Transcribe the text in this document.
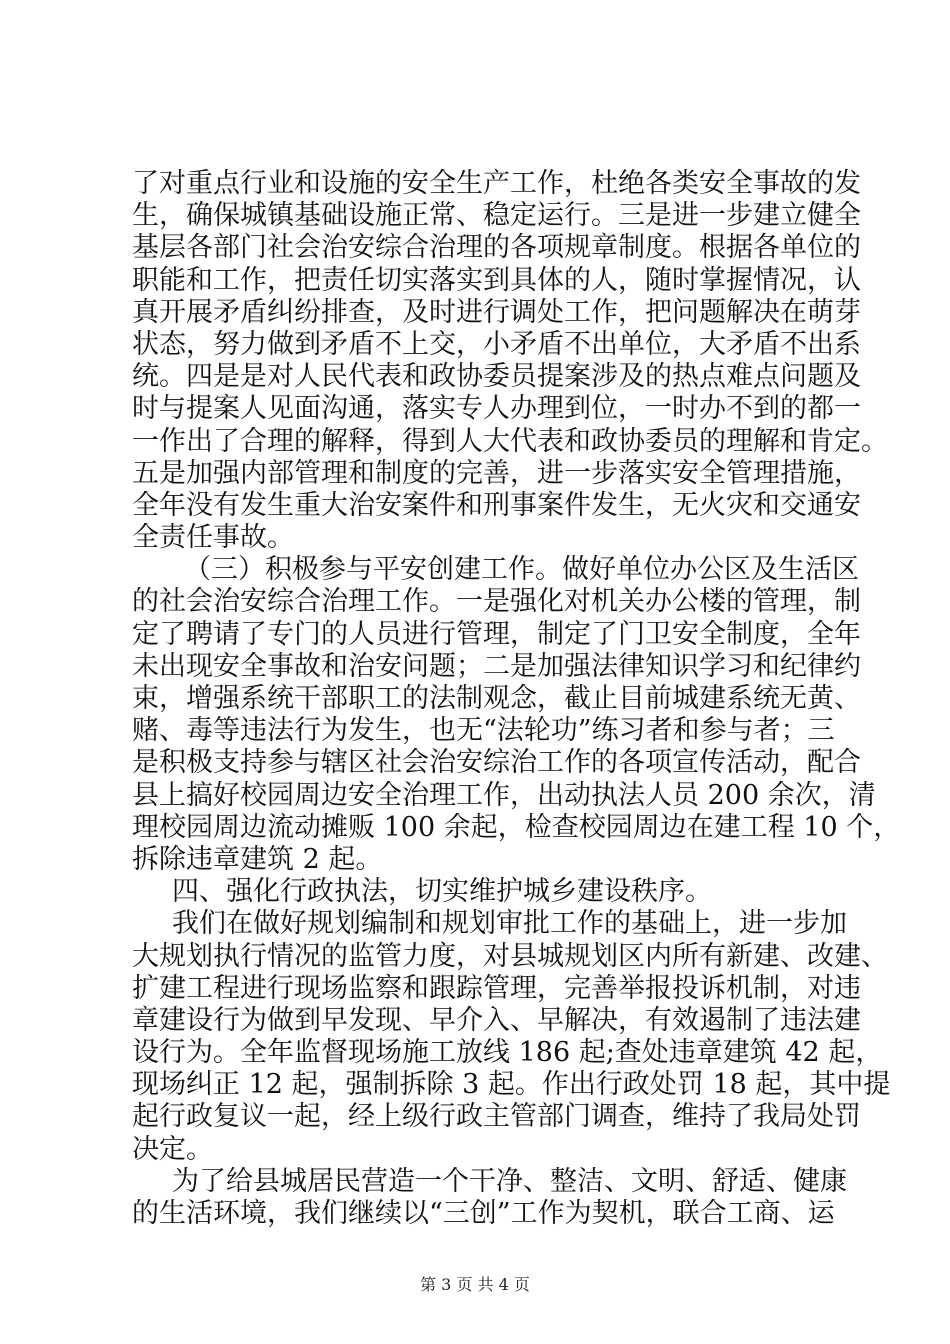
了对重点行业和设施的安全生产工作，杜绝各类安全事故的发
生，确保城镇基础设施正常、稳定运行。三是进一步建立健全
基层各部门社会治安综合治理的各项规章制度。根据各单位的
职能和工作，把责任切实落实到具体的人，随时掌握情况，认
真开展矛盾纠纷排查，及时进行调处工作，把问题解决在萌芽
状态，努力做到矛盾不上交，小矛盾不出单位，大矛盾不出系
统。四是是对人民代表和政协委员提案涉及的热点难点问题及
时与提案人见面沟通，落实专人办理到位，一时办不到的都一
一作出了合理的解释，得到人大代表和政协委员的理解和肯定。
五是加强内部管理和制度的完善，进一步落实安全管理措施，
全年没有发生重大治安案件和刑事案件发生，无火灾和交通安
全责任事故。
（三）积极参与平安创建工作。做好单位办公区及生活区
的社会治安综合治理工作。一是强化对机关办公楼的管理，制
定了聘请了专门的人员进行管理，制定了门卫安全制度，全年
未出现安全事故和治安问题；二是加强法律知识学习和纪律约
束，增强系统干部职工的法制观念，截止目前城建系统无黄、
赌、毒等违法行为发生，也无“法轮功”练习者和参与者；三
是积极支持参与辖区社会治安综治工作的各项宣传活动，配合
县上搞好校园周边安全治理工作，出动执法人员 200 余次，清
理校园周边流动摊贩 100 余起，检查校园周边在建工程 10 个，
拆除违章建筑 2 起。
四、强化行政执法，切实维护城乡建设秩序。
我们在做好规划编制和规划审批工作的基础上，进一步加
大规划执行情况的监管力度，对县城规划区内所有新建、改建、
扩建工程进行现场监察和跟踪管理，完善举报投诉机制，对违
章建设行为做到早发现、早介入、早解决，有效遏制了违法建
设行为。全年监督现场施工放线 186 起;查处违章建筑 42 起，
现场纠正 12 起，强制拆除 3 起。作出行政处罚 18 起，其中提
起行政复议一起，经上级行政主管部门调查，维持了我局处罚
决定。
为了给县城居民营造一个干净、整洁、文明、舒适、健康
的生活环境，我们继续以“三创”工作为契机，联合工商、运
第 3 页 共 4 页
